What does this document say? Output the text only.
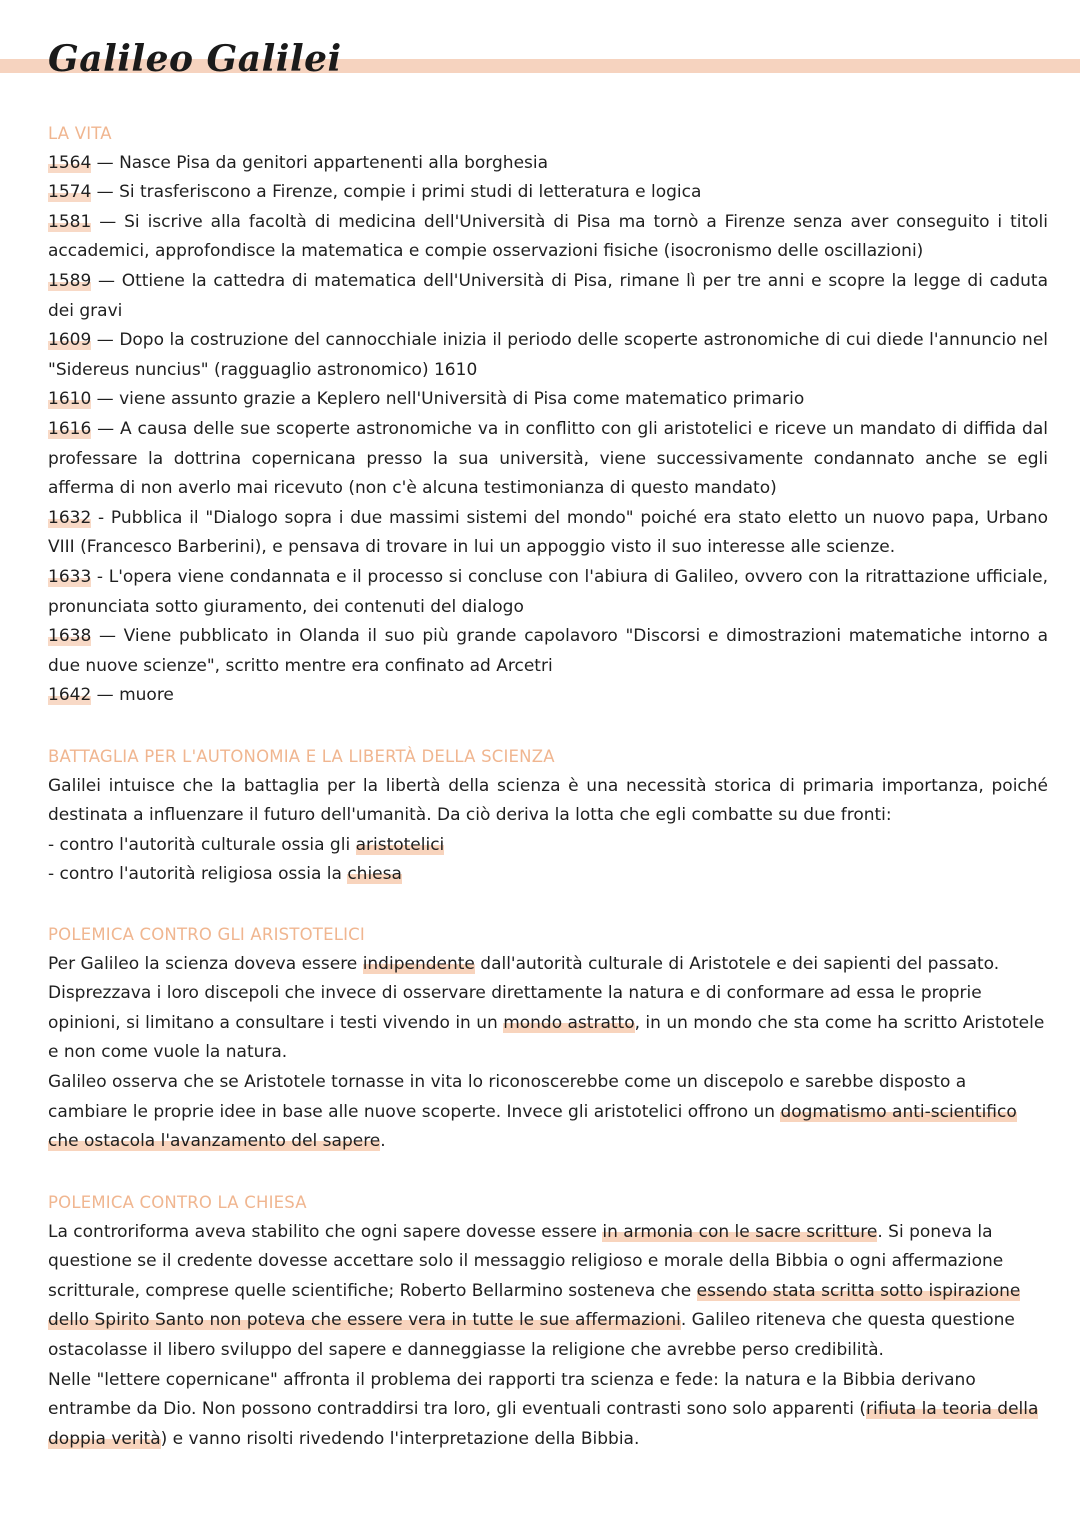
Galileo Galilei
LA VITA

1564 — Nasce Pisa da genitori appartenenti alla borghesia

1574 — Si trasferiscono a Firenze, compie i primi studi di letteratura e logica

1581 — Si iscrive alla facoltà di medicina dell'Università di Pisa ma tornò a Firenze senza aver conseguito i titoli accademici, approfondisce la matematica e compie osservazioni fisiche (isocronismo delle oscillazioni)

1589 — Ottiene la cattedra di matematica dell'Università di Pisa, rimane lì per tre anni e scopre la legge di caduta dei gravi

1609 — Dopo la costruzione del cannocchiale inizia il periodo delle scoperte astronomiche di cui diede l'annuncio nel "Sidereus nuncius" (ragguaglio astronomico) 1610

1610 — viene assunto grazie a Keplero nell'Università di Pisa come matematico primario

1616 — A causa delle sue scoperte astronomiche va in conflitto con gli aristotelici e riceve un mandato di diffida dal professare la dottrina copernicana presso la sua università, viene successivamente condannato anche se egli afferma di non averlo mai ricevuto (non c'è alcuna testimonianza di questo mandato)

1632 - Pubblica il "Dialogo sopra i due massimi sistemi del mondo" poiché era stato eletto un nuovo papa, Urbano VIII (Francesco Barberini), e pensava di trovare in lui un appoggio visto il suo interesse alle scienze.

1633 - L'opera viene condannata e il processo si concluse con l'abiura di Galileo, ovvero con la ritrattazione ufficiale, pronunciata sotto giuramento, dei contenuti del dialogo

1638 — Viene pubblicato in Olanda il suo più grande capolavoro "Discorsi e dimostrazioni matematiche intorno a due nuove scienze", scritto mentre era confinato ad Arcetri

1642 — muore

BATTAGLIA PER L'AUTONOMIA E LA LIBERTÀ DELLA SCIENZA

Galilei intuisce che la battaglia per la libertà della scienza è una necessità storica di primaria importanza, poiché destinata a influenzare il futuro dell'umanità. Da ciò deriva la lotta che egli combatte su due fronti:

- contro l'autorità culturale ossia gli aristotelici
- contro l'autorità religiosa ossia la chiesa
POLEMICA CONTRO GLI ARISTOTELICI

Per Galileo la scienza doveva essere indipendente dall'autorità culturale di Aristotele e dei sapienti del passato. Disprezzava i loro discepoli che invece di osservare direttamente la natura e di conformare ad essa le proprie opinioni, si limitano a consultare i testi vivendo in un mondo astratto, in un mondo che sta come ha scritto Aristotele e non come vuole la natura.

Galileo osserva che se Aristotele tornasse in vita lo riconoscerebbe come un discepolo e sarebbe disposto a cambiare le proprie idee in base alle nuove scoperte. Invece gli aristotelici offrono un dogmatismo anti-scientifico che ostacola l'avanzamento del sapere.

POLEMICA CONTRO LA CHIESA

La controriforma aveva stabilito che ogni sapere dovesse essere in armonia con le sacre scritture. Si poneva la questione se il credente dovesse accettare solo il messaggio religioso e morale della Bibbia o ogni affermazione scritturale, comprese quelle scientifiche; Roberto Bellarmino sosteneva che essendo stata scritta sotto ispirazione dello Spirito Santo non poteva che essere vera in tutte le sue affermazioni. Galileo riteneva che questa questione ostacolasse il libero sviluppo del sapere e danneggiasse la religione che avrebbe perso credibilità.

Nelle "lettere copernicane" affronta il problema dei rapporti tra scienza e fede: la natura e la Bibbia derivano entrambe da Dio. Non possono contraddirsi tra loro, gli eventuali contrasti sono solo apparenti (rifiuta la teoria della doppia verità) e vanno risolti rivedendo l'interpretazione della Bibbia.
